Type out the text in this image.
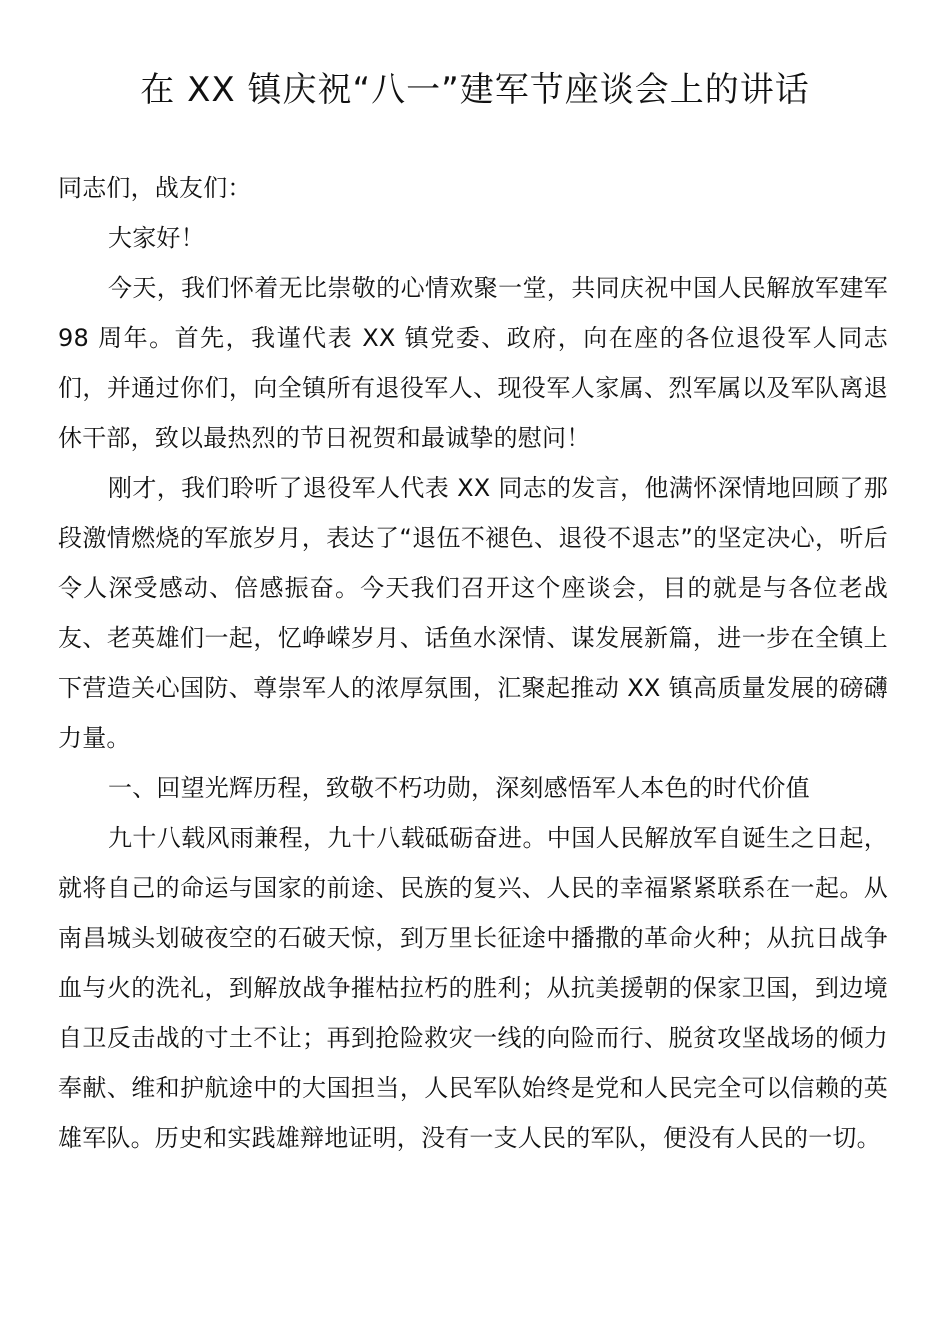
在 XX 镇庆祝“八一”建军节座谈会上的讲话

同志们，战友们：

大家好！

今天，我们怀着无比崇敬的心情欢聚一堂，共同庆祝中国人民解放军建军 98 周年。首先，我谨代表 XX 镇党委、政府，向在座的各位退役军人同志们，并通过你们，向全镇所有退役军人、现役军人家属、烈军属以及军队离退休干部，致以最热烈的节日祝贺和最诚挚的慰问！

刚才，我们聆听了退役军人代表 XX 同志的发言，他满怀深情地回顾了那段激情燃烧的军旅岁月，表达了“退伍不褪色、退役不退志”的坚定决心，听后令人深受感动、倍感振奋。今天我们召开这个座谈会，目的就是与各位老战友、老英雄们一起，忆峥嵘岁月、话鱼水深情、谋发展新篇，进一步在全镇上下营造关心国防、尊崇军人的浓厚氛围，汇聚起推动 XX 镇高质量发展的磅礴力量。

一、回望光辉历程，致敬不朽功勋，深刻感悟军人本色的时代价值

九十八载风雨兼程，九十八载砥砺奋进。中国人民解放军自诞生之日起，就将自己的命运与国家的前途、民族的复兴、人民的幸福紧紧联系在一起。从南昌城头划破夜空的石破天惊，到万里长征途中播撒的革命火种；从抗日战争血与火的洗礼，到解放战争摧枯拉朽的胜利；从抗美援朝的保家卫国，到边境自卫反击战的寸土不让；再到抢险救灾一线的向险而行、脱贫攻坚战场的倾力奉献、维和护航途中的大国担当，人民军队始终是党和人民完全可以信赖的英雄军队。历史和实践雄辩地证明，没有一支人民的军队，便没有人民的一切。
